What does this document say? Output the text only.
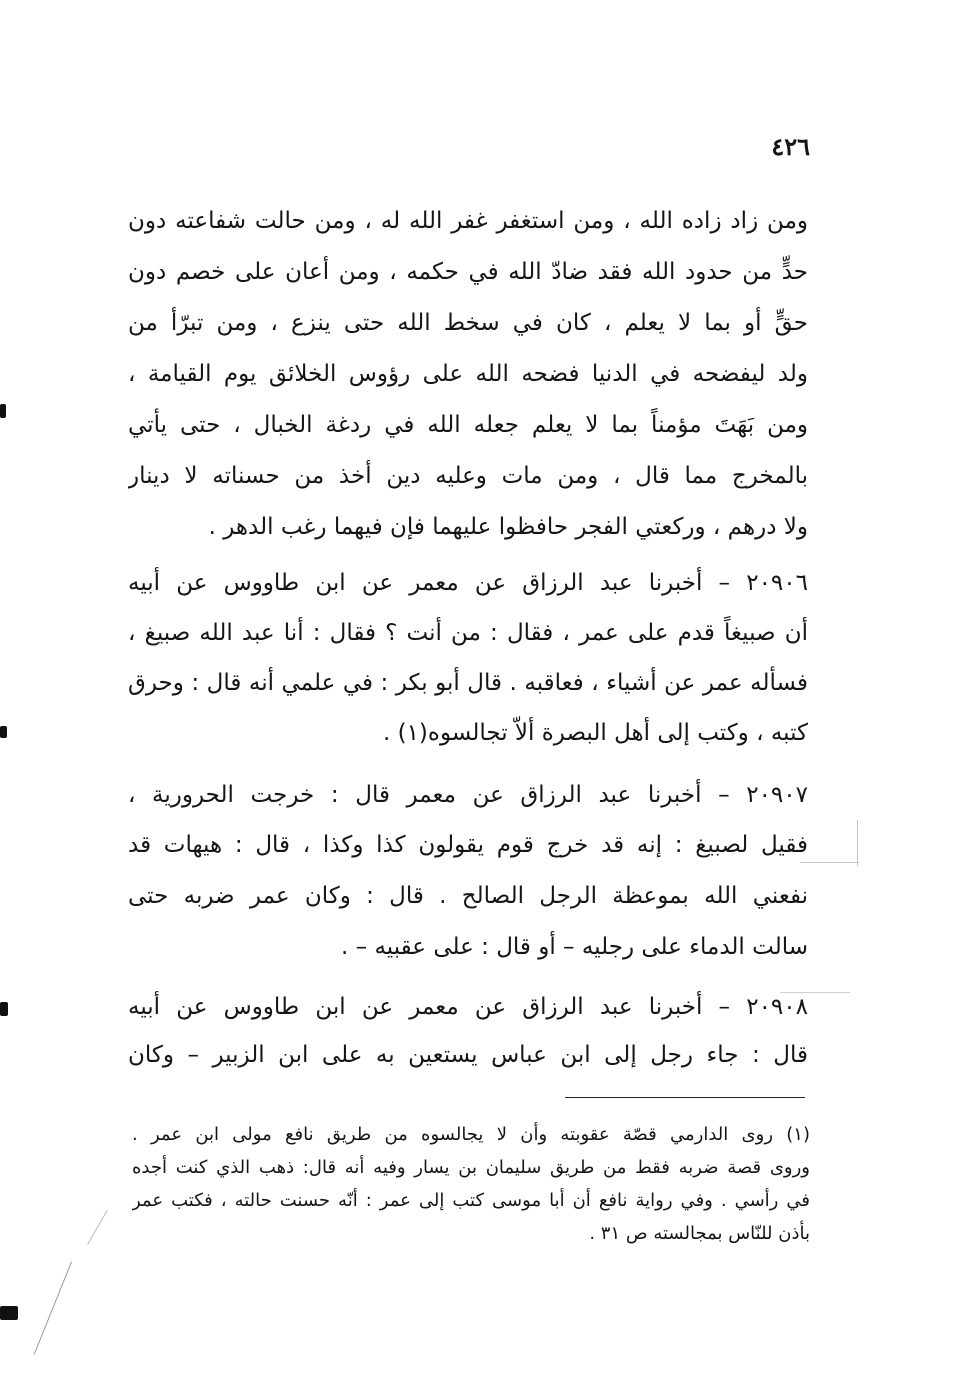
٤٢٦
ومن زاد زاده الله ، ومن استغفر غفر الله له ، ومن حالت شفاعته دون
حدٍّ من حدود الله فقد ضادّ الله في حكمه ، ومن أعان على خصم دون
حقٍّ أو بما لا يعلم ، كان في سخط الله حتى ينزع ، ومن تبرّأ من
ولد ليفضحه في الدنيا فضحه الله على رؤوس الخلائق يوم القيامة ،
ومن بَهَتَ مؤمناً بما لا يعلم جعله الله في ردغة الخبال ، حتى يأتي
بالمخرج مما قال ، ومن مات وعليه دين أخذ من حسناته لا دينار
ولا درهم ، وركعتي الفجر حافظوا عليهما فإن فيهما رغب الدهر .
٢٠٩٠٦ – أخبرنا عبد الرزاق عن معمر عن ابن طاووس عن أبيه
أن صبيغاً قدم على عمر ، فقال : من أنت ؟ فقال : أنا عبد الله صبيغ ،
فسأله عمر عن أشياء ، فعاقبه . قال أبو بكر : في علمي أنه قال : وحرق
كتبه ، وكتب إلى أهل البصرة ألاّ تجالسوه(١) .
٢٠٩٠٧ – أخبرنا عبد الرزاق عن معمر قال : خرجت الحرورية ،
فقيل لصبيغ : إنه قد خرج قوم يقولون كذا وكذا ، قال : هيهات قد
نفعني الله بموعظة الرجل الصالح . قال : وكان عمر ضربه حتى
سالت الدماء على رجليه – أو قال : على عقبيه – .
٢٠٩٠٨ – أخبرنا عبد الرزاق عن معمر عن ابن طاووس عن أبيه
قال : جاء رجل إلى ابن عباس يستعين به على ابن الزبير – وكان
(١) روى الدارمي قصّة عقوبته وأن لا يجالسوه من طريق نافع مولى ابن عمر .
وروى قصة ضربه فقط من طريق سليمان بن يسار وفيه أنه قال: ذهب الذي كنت أجده
في رأسي . وفي رواية نافع أن أبا موسى كتب إلى عمر : أنّه حسنت حالته ، فكتب عمر
بأذن للنّاس بمجالسته ص ٣١ .
